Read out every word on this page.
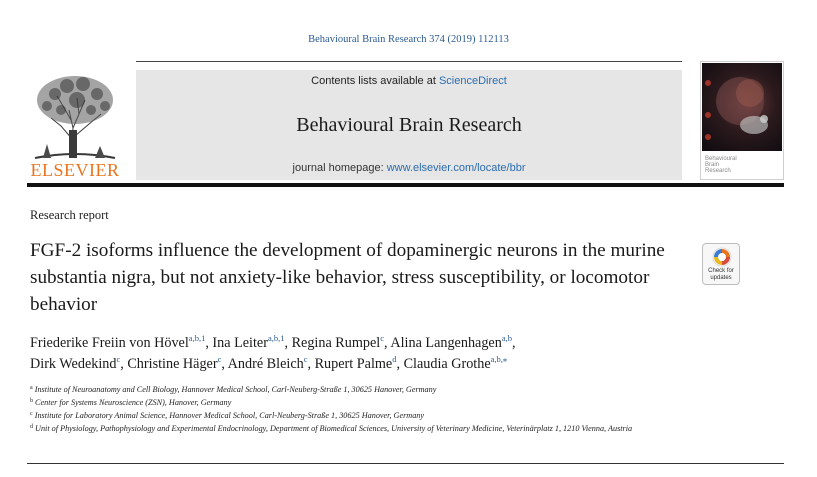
Behavioural Brain Research 374 (2019) 112113
ELSEVIER
Contents lists available at ScienceDirect
Behavioural Brain Research
journal homepage: www.elsevier.com/locate/bbr
Behavioural
Brain
Research
Research report
FGF-2 isoforms influence the development of dopaminergic neurons in the murine substantia nigra, but not anxiety-like behavior, stress susceptibility, or locomotor behavior
Check for
updates
Friederike Freiin von Hövel$^{a,b,1}$, Ina Leiter$^{a,b,1}$, Regina Rumpel$^c$, Alina Langenhagen$^{a,b}$,
Dirk Wedekind$^c$, Christine Häger$^c$, André Bleich$^c$, Rupert Palme$^d$, Claudia Grothe$^{a,b,⁎}$
$^a$ Institute of Neuroanatomy and Cell Biology, Hannover Medical School, Carl-Neuberg-Straße 1, 30625 Hanover, Germany
$^b$ Center for Systems Neuroscience (ZSN), Hanover, Germany
$^c$ Institute for Laboratory Animal Science, Hannover Medical School, Carl-Neuberg-Straße 1, 30625 Hanover, Germany
$^d$ Unit of Physiology, Pathophysiology and Experimental Endocrinology, Department of Biomedical Sciences, University of Veterinary Medicine, Veterinärplatz 1, 1210 Vienna, Austria
